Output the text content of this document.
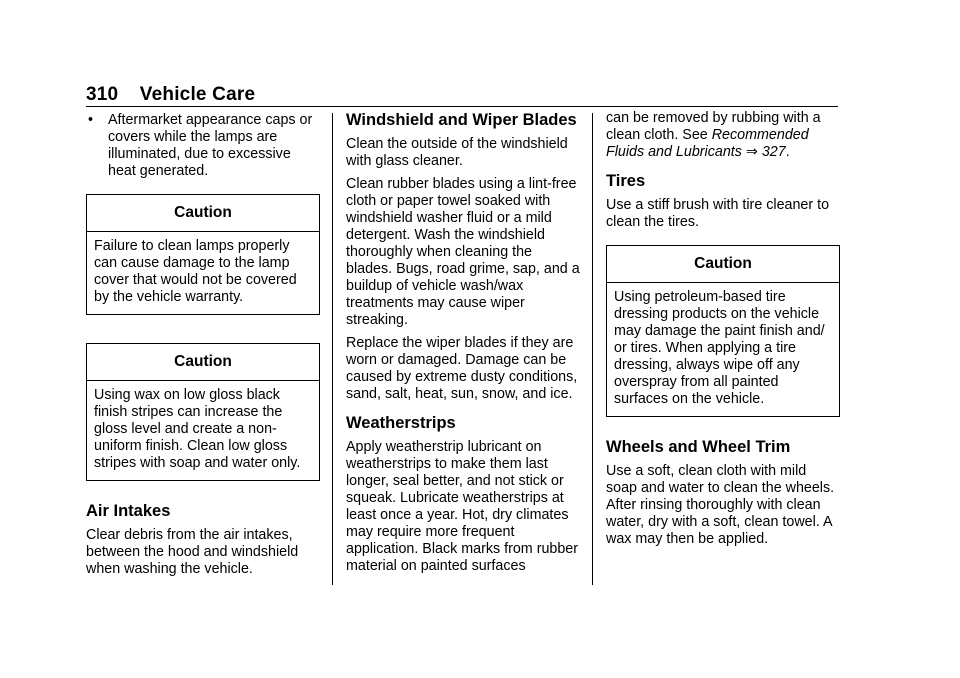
310 Vehicle Care
•	Aftermarket appearance caps or covers while the lamps are illuminated, due to excessive heat generated.
Caution
Failure to clean lamps properly can cause damage to the lamp cover that would not be covered by the vehicle warranty.
Caution
Using wax on low gloss black finish stripes can increase the gloss level and create a non-uniform finish. Clean low gloss stripes with soap and water only.
Air Intakes

Clear debris from the air intakes, between the hood and windshield when washing the vehicle.

Windshield and Wiper Blades

Clean the outside of the windshield with glass cleaner.

Clean rubber blades using a lint-free cloth or paper towel soaked with windshield washer fluid or a mild detergent. Wash the windshield thoroughly when cleaning the blades. Bugs, road grime, sap, and a buildup of vehicle wash/wax treatments may cause wiper streaking.

Replace the wiper blades if they are worn or damaged. Damage can be caused by extreme dusty conditions, sand, salt, heat, sun, snow, and ice.

Weatherstrips

Apply weatherstrip lubricant on weatherstrips to make them last longer, seal better, and not stick or squeak. Lubricate weatherstrips at least once a year. Hot, dry climates may require more frequent application. Black marks from rubber material on painted surfaces

can be removed by rubbing with a clean cloth. See Recommended Fluids and Lubricants ⇒ 327.

Tires

Use a stiff brush with tire cleaner to clean the tires.

Caution
Using petroleum-based tire dressing products on the vehicle may damage the paint finish and/ or tires. When applying a tire dressing, always wipe off any overspray from all painted surfaces on the vehicle.
Wheels and Wheel Trim

Use a soft, clean cloth with mild soap and water to clean the wheels. After rinsing thoroughly with clean water, dry with a soft, clean towel. A wax may then be applied.
